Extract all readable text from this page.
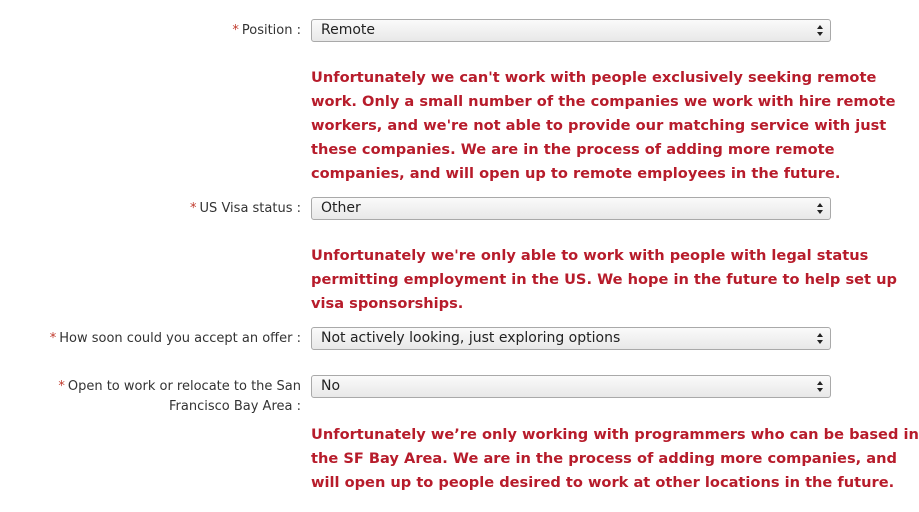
* Position :	Remote
Unfortunately we can't work with people exclusively seeking remote
work. Only a small number of the companies we work with hire remote
workers, and we're not able to provide our matching service with just
these companies. We are in the process of adding more remote
companies, and will open up to remote employees in the future.
* US Visa status :	Other
Unfortunately we're only able to work with people with legal status
permitting employment in the US. We hope in the future to help set up
visa sponsorships.
* How soon could you accept an offer :	Not actively looking, just exploring options
* Open to work or relocate to the San
Francisco Bay Area :
No
Unfortunately we’re only working with programmers who can be based in
the SF Bay Area. We are in the process of adding more companies, and
will open up to people desired to work at other locations in the future.
